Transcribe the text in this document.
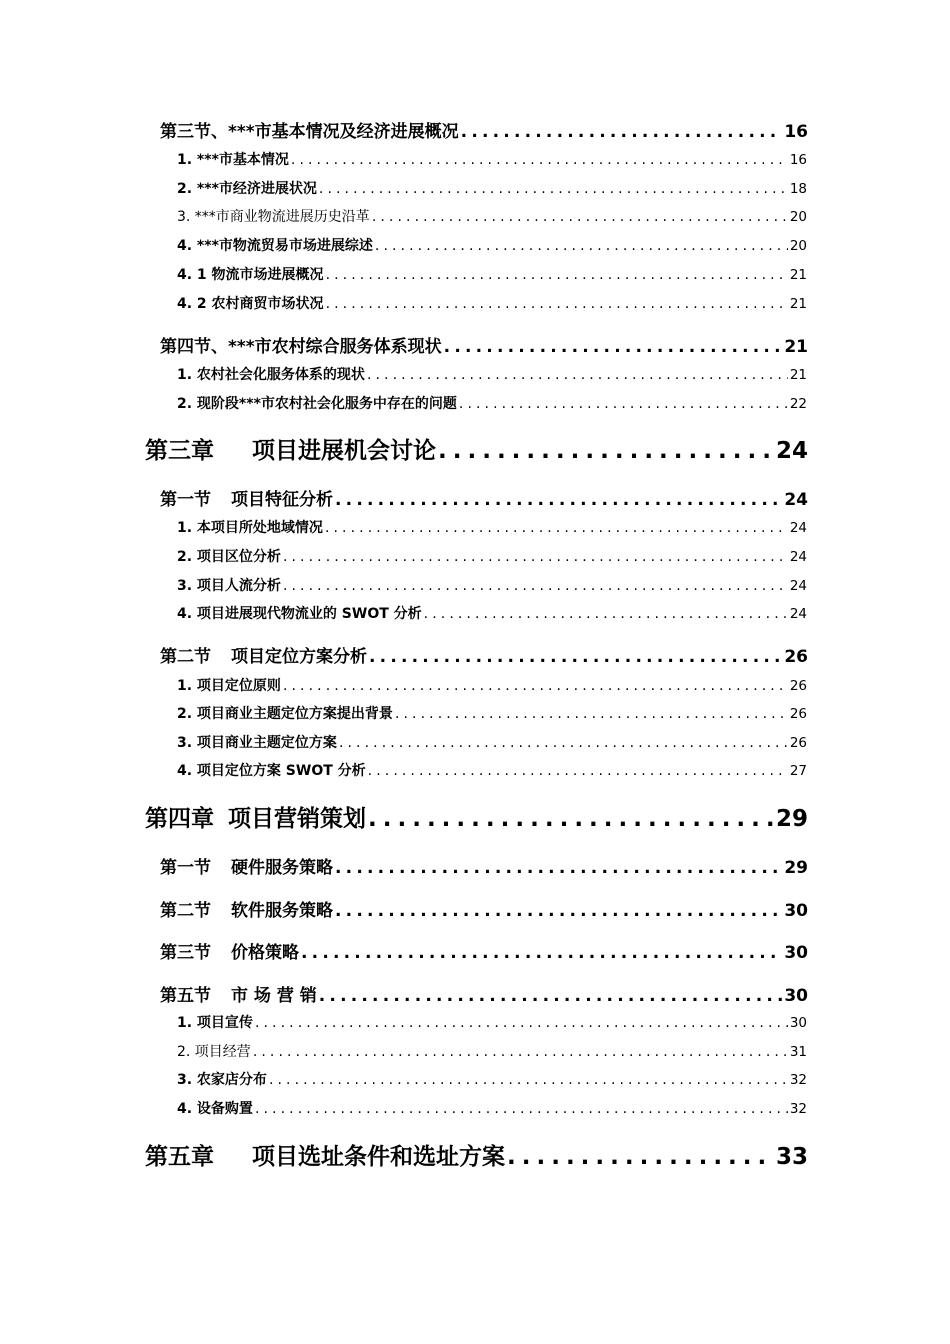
第三节、***市基本情况及经济进展概况 .....	16
1. ***市基本情况 .....	16
2. ***市经济进展状况 .....	18
3. ***市商业物流进展历史沿革 .....	20
4. ***市物流贸易市场进展综述 .....	20
4. 1 物流市场进展概况 .....	21
4. 2 农村商贸市场状况 .....	21
第四节、***市农村综合服务体系现状 .....	21
1. 农村社会化服务体系的现状 .....	21
2. 现阶段***市农村社会化服务中存在的问题 .....	22
第三章 项目进展机会讨论 .....	24
第一节 项目特征分析 .....	24
1. 本项目所处地域情况 .....	24
2. 项目区位分析 .....	24
3. 项目人流分析 .....	24
4. 项目进展现代物流业的 SWOT 分析 .....	24
第二节 项目定位方案分析 .....	26
1. 项目定位原则 .....	26
2. 项目商业主题定位方案提出背景 .....	26
3. 项目商业主题定位方案 .....	26
4. 项目定位方案 SWOT 分析 .....	27
第四章 项目营销策划 .....	29
第一节 硬件服务策略 .....	29
第二节 软件服务策略 .....	30
第三节 价格策略 .....	30
第五节 市 场 营 销 .....	30
1. 项目宣传 .....	30
2. 项目经营 .....	31
3. 农家店分布 .....	32
4. 设备购置 .....	32
第五章 项目选址条件和选址方案 .....	33
